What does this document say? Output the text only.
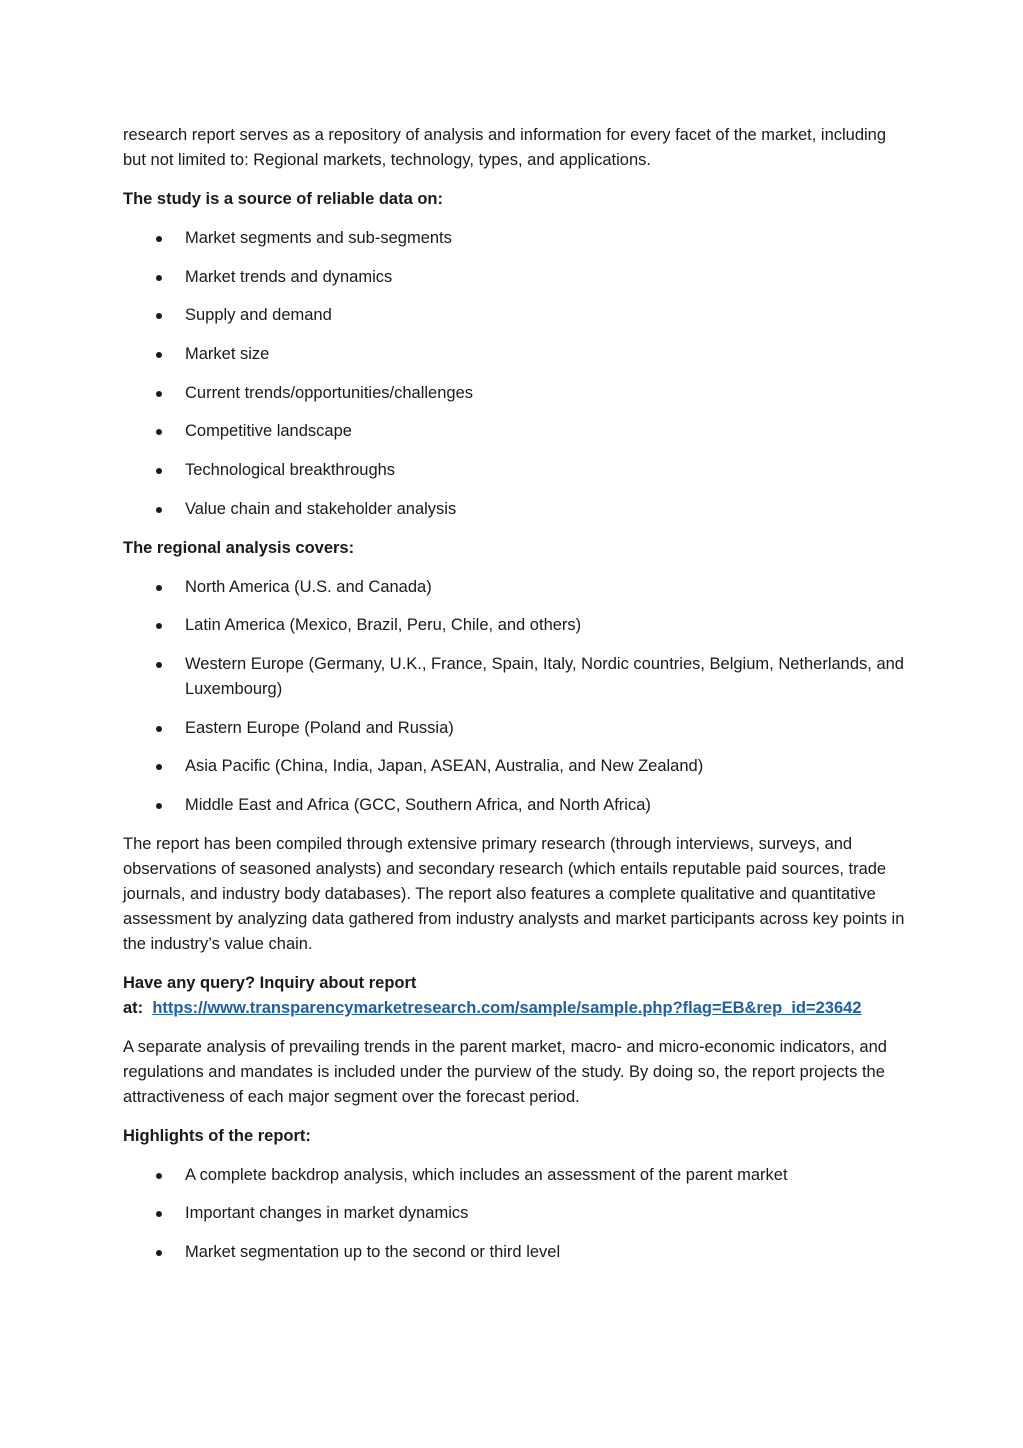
research report serves as a repository of analysis and information for every facet of the market, including but not limited to: Regional markets, technology, types, and applications.

The study is a source of reliable data on:

Market segments and sub-segments
Market trends and dynamics
Supply and demand
Market size
Current trends/opportunities/challenges
Competitive landscape
Technological breakthroughs
Value chain and stakeholder analysis

The regional analysis covers:

North America (U.S. and Canada)
Latin America (Mexico, Brazil, Peru, Chile, and others)
Western Europe (Germany, U.K., France, Spain, Italy, Nordic countries, Belgium, Netherlands, and Luxembourg)
Eastern Europe (Poland and Russia)
Asia Pacific (China, India, Japan, ASEAN, Australia, and New Zealand)
Middle East and Africa (GCC, Southern Africa, and North Africa)

The report has been compiled through extensive primary research (through interviews, surveys, and observations of seasoned analysts) and secondary research (which entails reputable paid sources, trade journals, and industry body databases). The report also features a complete qualitative and quantitative assessment by analyzing data gathered from industry analysts and market participants across key points in the industry’s value chain.

Have any query? Inquiry about report
at: https://www.transparencymarketresearch.com/sample/sample.php?flag=EB&rep_id=23642

A separate analysis of prevailing trends in the parent market, macro- and micro-economic indicators, and regulations and mandates is included under the purview of the study. By doing so, the report projects the attractiveness of each major segment over the forecast period.

Highlights of the report:

A complete backdrop analysis, which includes an assessment of the parent market
Important changes in market dynamics
Market segmentation up to the second or third level
